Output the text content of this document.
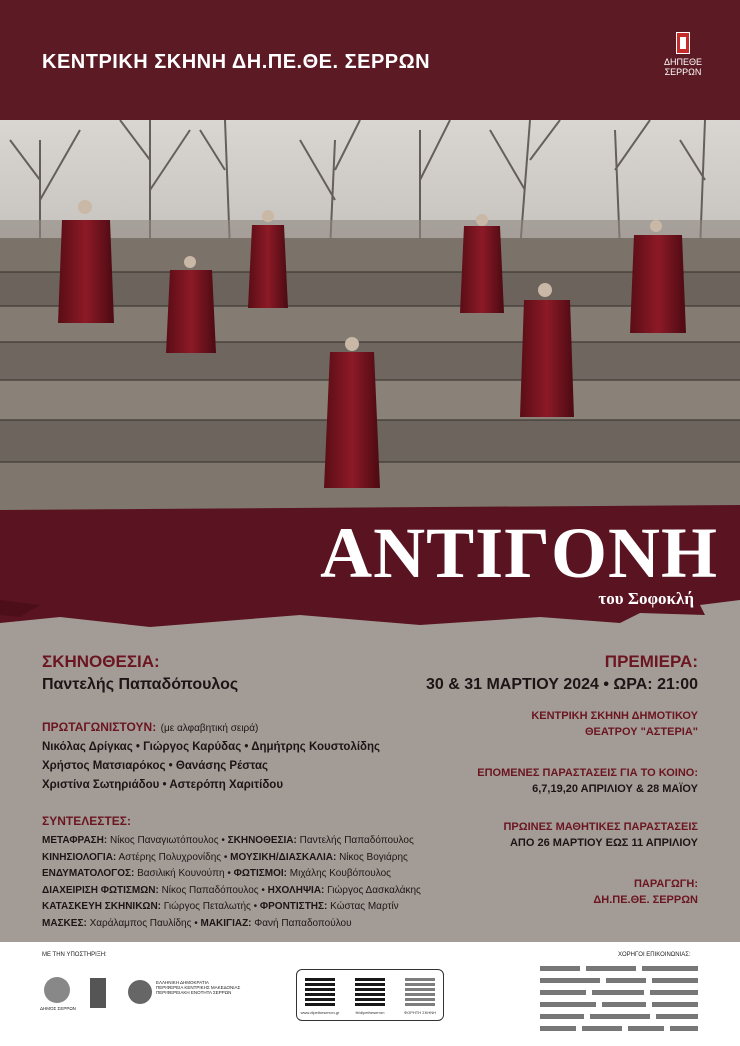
ΚΕΝΤΡΙΚΗ ΣΚΗΝΗ ΔΗ.ΠΕ.ΘΕ. ΣΕΡΡΩΝ	ΔΗΠΕΘΕ
ΣΕΡΡΩΝ
ΑΝΤΙΓΟΝΗ
του Σοφοκλή
ΣΚΗΝΟΘΕΣΙΑ:
Παντελής Παπαδόπουλος
ΠΡΩΤΑΓΩΝΙΣΤΟΥΝ: (με αλφαβητική σειρά)
Νικόλας Δρίγκας • Γιώργος Καρύδας • Δημήτρης Κουστολίδης
Χρήστος Ματσιαρόκος • Θανάσης Ρέστας
Χριστίνα Σωτηριάδου • Αστερόπη Χαριτίδου
ΣΥΝΤΕΛΕΣΤΕΣ:
ΜΕΤΑΦΡΑΣΗ: Νίκος Παναγιωτόπουλος • ΣΚΗΝΟΘΕΣΙΑ: Παντελής Παπαδόπουλος
ΚΙΝΗΣΙΟΛΟΓΙΑ: Αστέρης Πολυχρονίδης • ΜΟΥΣΙΚΗ/ΔΙΑΣΚΑΛΙΑ: Νίκος Βογιάρης
ΕΝΔΥΜΑΤΟΛΟΓΟΣ: Βασιλική Κουνούπη • ΦΩΤΙΣΜΟΙ: Μιχάλης Κουβόπουλος
ΔΙΑΧΕΙΡΙΣΗ ΦΩΤΙΣΜΩΝ: Νίκος Παπαδόπουλος • ΗΧΟΛΗΨΙΑ: Γιώργος Δασκαλάκης
ΚΑΤΑΣΚΕΥΗ ΣΚΗΝΙΚΩΝ: Γιώργος Πεταλωτής • ΦΡΟΝΤΙΣΤΗΣ: Κώστας Μαρτίν
ΜΑΣΚΕΣ: Χαράλαμπος Παυλίδης • ΜΑΚΙΓΙΑΖ: Φανή Παπαδοπούλου
ΠΡΕΜΙΕΡΑ:
30 & 31 ΜΑΡΤΙΟΥ 2024 • ΩΡΑ: 21:00
ΚΕΝΤΡΙΚΗ ΣΚΗΝΗ ΔΗΜΟΤΙΚΟΥ
ΘΕΑΤΡΟΥ "ΑΣΤΕΡΙΑ"
ΕΠΟΜΕΝΕΣ ΠΑΡΑΣΤΑΣΕΙΣ ΓΙΑ ΤΟ ΚΟΙΝΟ:
6,7,19,20 ΑΠΡΙΛΙΟΥ & 28 ΜΑΪΟΥ
ΠΡΩΙΝΕΣ ΜΑΘΗΤΙΚΕΣ ΠΑΡΑΣΤΑΣΕΙΣ
ΑΠΟ 26 ΜΑΡΤΙΟΥ ΕΩΣ 11 ΑΠΡΙΛΙΟΥ
ΠΑΡΑΓΩΓΗ:
ΔΗ.ΠΕ.ΘΕ. ΣΕΡΡΩΝ
ΜΕ ΤΗΝ ΥΠΟΣΤΗΡΙΞΗ:
ΔΗΜΟΣ ΣΕΡΡΩΝ
ΕΛΛΗΝΙΚΗ ΔΗΜΟΚΡΑΤΙΑ
ΠΕΡΙΦΕΡΕΙΑ ΚΕΝΤΡΙΚΗΣ ΜΑΚΕΔΟΝΙΑΣ
ΠΕΡΙΦΕΡΕΙΑΚΗ ΕΝΟΤΗΤΑ ΣΕΡΡΩΝ
www.dipetheserron.gr	fb/dipetheserron	ΦΟΡΗΤΗ ΣΚΗΝΗ
ΧΟΡΗΓΟΙ ΕΠΙΚΟΙΝΩΝΙΑΣ:
